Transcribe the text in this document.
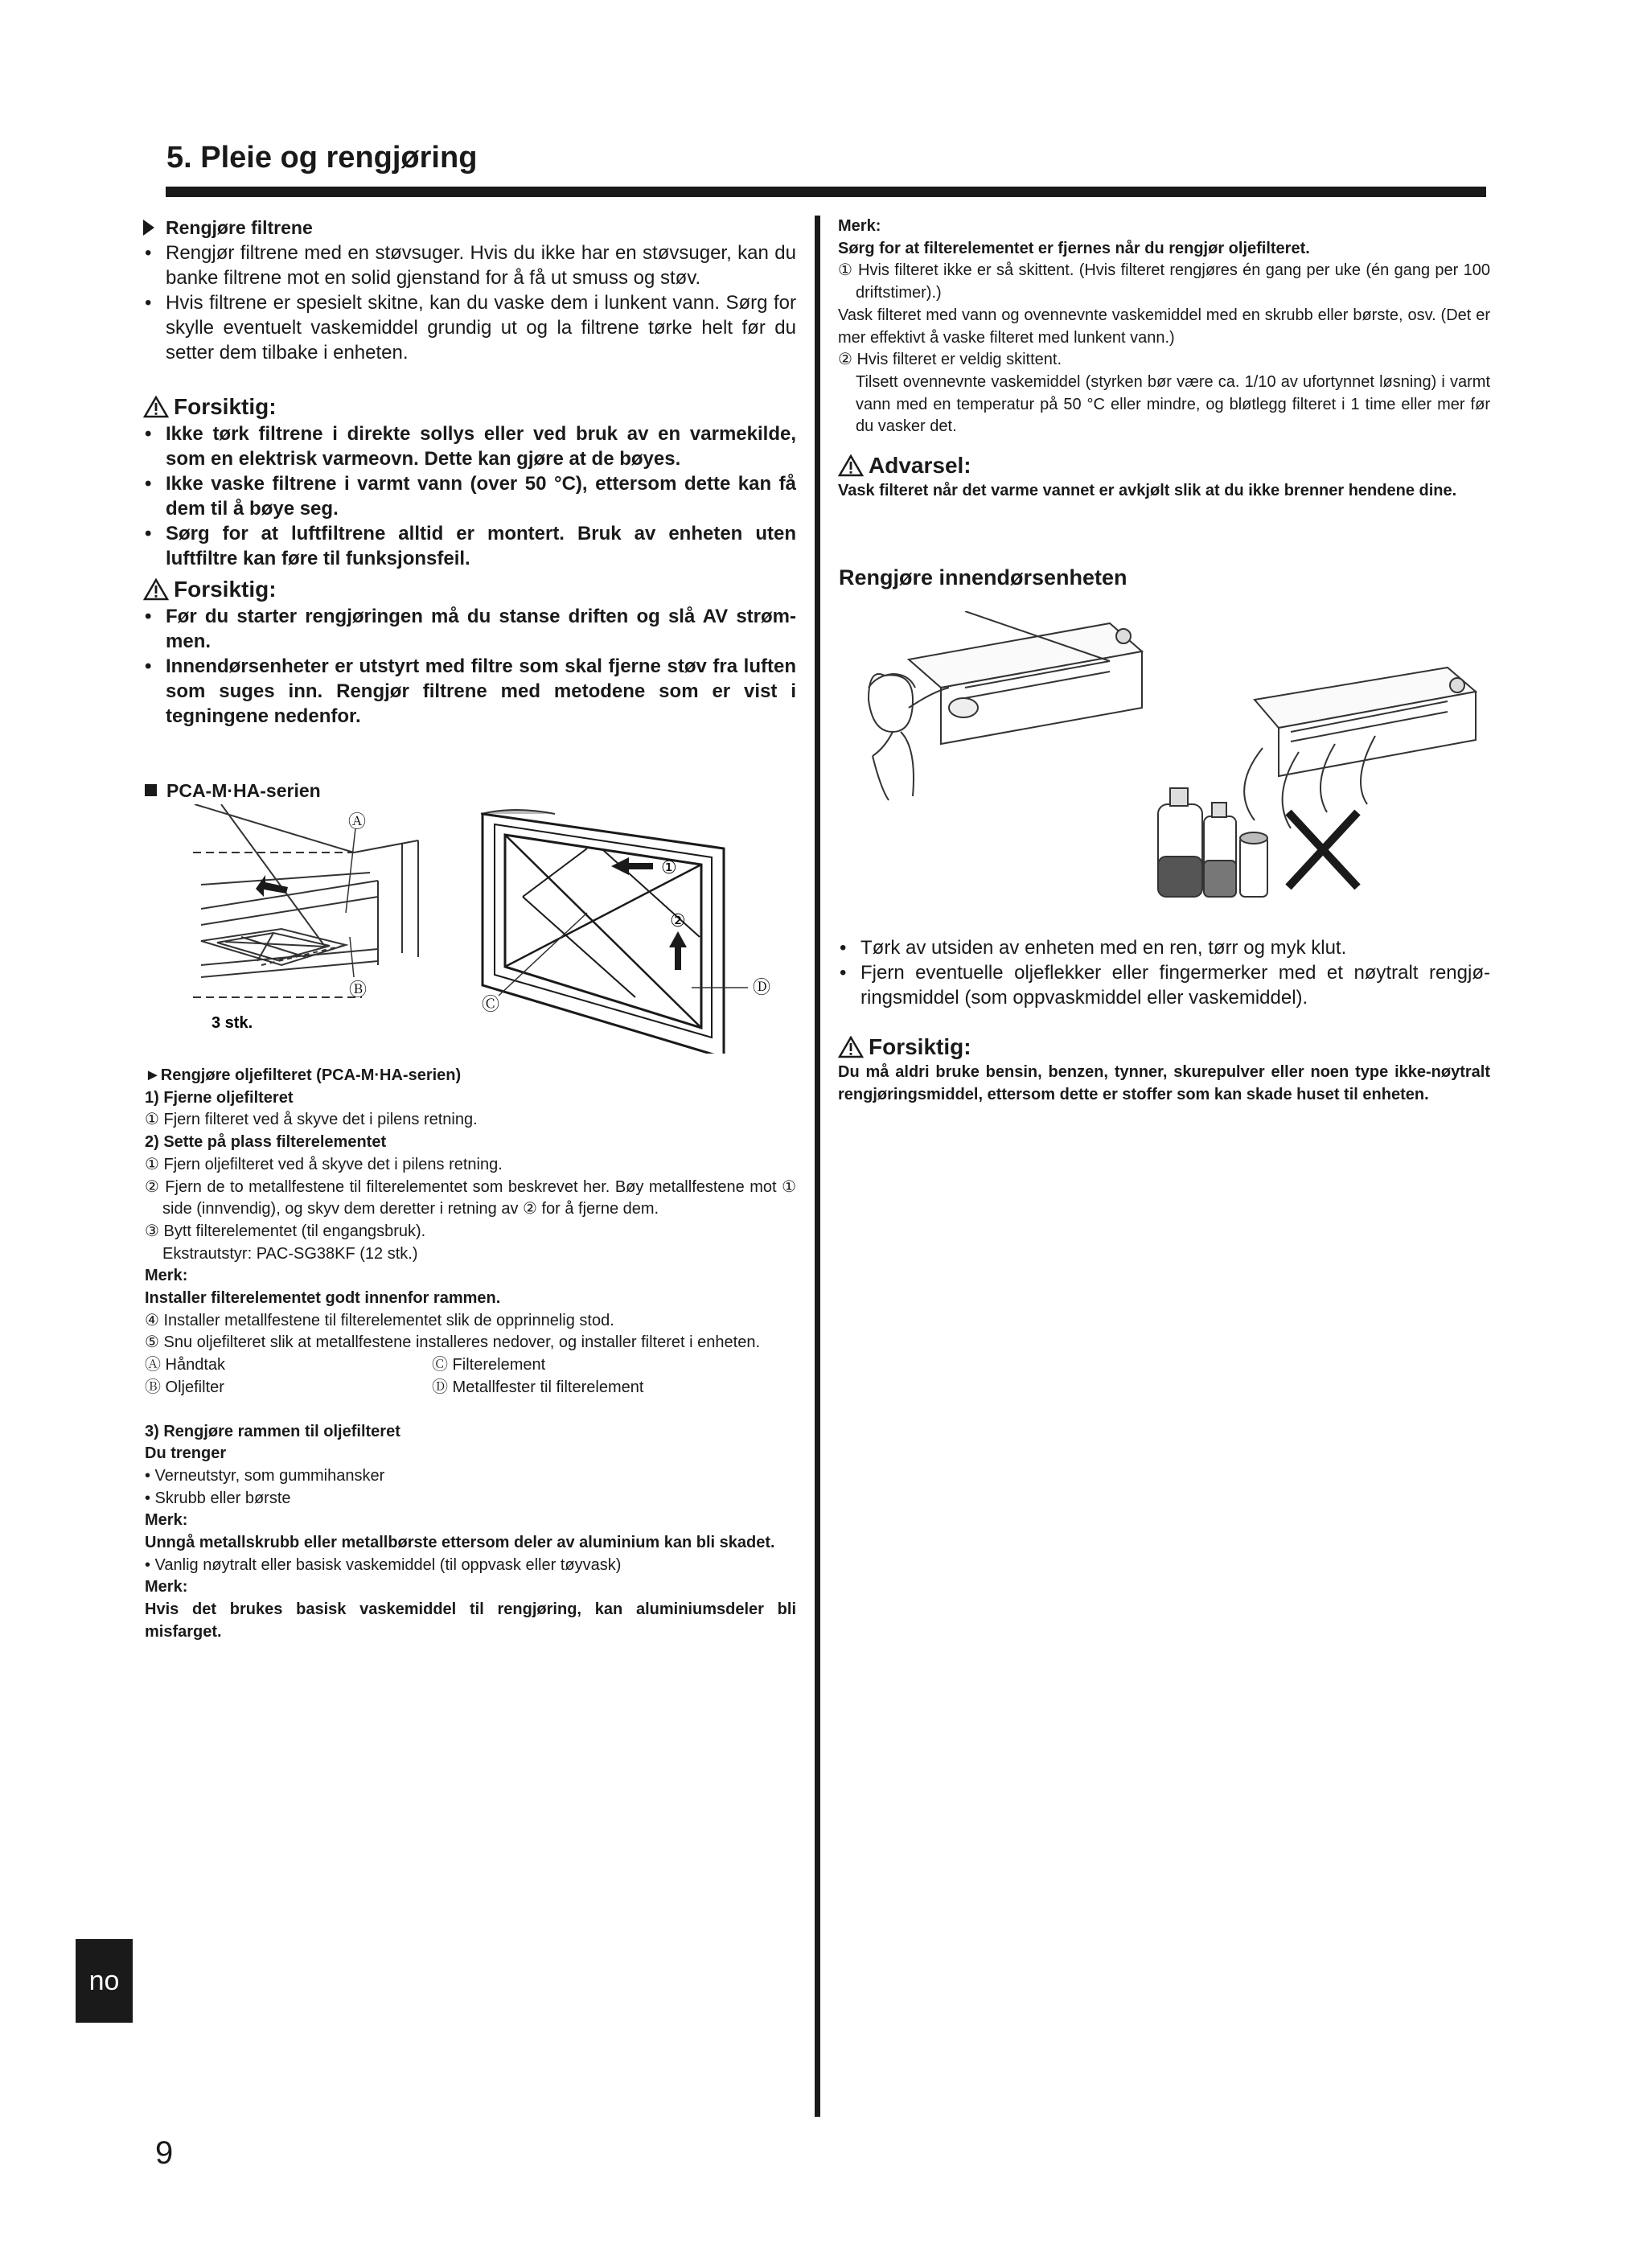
5. Pleie og rengjøring
Rengjøre filtrene
• Rengjør filtrene med en støvsuger. Hvis du ikke har en støvsuger, kan du banke filtrene mot en solid gjenstand for å få ut smuss og støv.
• Hvis filtrene er spesielt skitne, kan du vaske dem i lunkent vann. Sørg for skylle eventuelt vaskemiddel grundig ut og la filtrene tørke helt før du setter dem tilbake i enheten.
Forsiktig:
• Ikke tørk filtrene i direkte sollys eller ved bruk av en varmekilde, som en elektrisk varmeovn. Dette kan gjøre at de bøyes.
• Ikke vaske filtrene i varmt vann (over 50 °C), ettersom dette kan få dem til å bøye seg.
• Sørg for at luftfiltrene alltid er montert. Bruk av enheten uten luftfiltre kan føre til funksjonsfeil.
Forsiktig:
• Før du starter rengjøringen må du stanse driften og slå AV strømmen.
• Innendørsenheter er utstyrt med filtre som skal fjerne støv fra luften som suges inn. Rengjør filtrene med metodene som er vist i tegningene nedenfor.
PCA-M·HA-serien
Ⓐ
Ⓑ
3 stk.
①
②
Ⓒ
Ⓓ
►Rengjøre oljefilteret (PCA-M·HA-serien)
1) Fjerne oljefilteret
① Fjern filteret ved å skyve det i pilens retning.
2) Sette på plass filterelementet
① Fjern oljefilteret ved å skyve det i pilens retning.
② Fjern de to metallfestene til filterelementet som beskrevet her. Bøy metallfestene mot ① side (innvendig), og skyv dem deretter i retning av ② for å fjerne dem.
③ Bytt filterelementet (til engangsbruk).
Ekstrautstyr: PAC-SG38KF (12 stk.)
Merk:
Installer filterelementet godt innenfor rammen.
④ Installer metallfestene til filterelementet slik de opprinnelig stod.
⑤ Snu oljefilteret slik at metallfestene installeres nedover, og installer filteret i enheten.
Ⓐ Håndtak	Ⓒ Filterelement
Ⓑ Oljefilter	Ⓓ Metallfester til filterelement
3) Rengjøre rammen til oljefilteret
Du trenger
• Verneutstyr, som gummihansker
• Skrubb eller børste
Merk:
Unngå metallskrubb eller metallbørste ettersom deler av aluminium kan bli skadet.
• Vanlig nøytralt eller basisk vaskemiddel (til oppvask eller tøyvask)
Merk:
Hvis det brukes basisk vaskemiddel til rengjøring, kan aluminiumsdeler bli misfarget.
Merk:
Sørg for at filterelementet er fjernes når du rengjør oljefilteret.
① Hvis filteret ikke er så skittent. (Hvis filteret rengjøres én gang per uke (én gang per 100 driftstimer).)
Vask filteret med vann og ovennevnte vaskemiddel med en skrubb eller børste, osv. (Det er mer effektivt å vaske filteret med lunkent vann.)
② Hvis filteret er veldig skittent.
Tilsett ovennevnte vaskemiddel (styrken bør være ca. 1/10 av ufortynnet løsning) i varmt vann med en temperatur på 50 °C eller mindre, og bløtlegg filteret i 1 time eller mer før du vasker det.
Advarsel:
Vask filteret når det varme vannet er avkjølt slik at du ikke brenner hendene dine.
Rengjøre innendørsenheten
• Tørk av utsiden av enheten med en ren, tørr og myk klut.
• Fjern eventuelle oljeflekker eller fingermerker med et nøytralt rengjøringsmiddel (som oppvaskmiddel eller vaskemiddel).
Forsiktig:
Du må aldri bruke bensin, benzen, tynner, skurepulver eller noen type ikke-nøytralt rengjøringsmiddel, ettersom dette er stoffer som kan skade huset til enheten.
no
9
